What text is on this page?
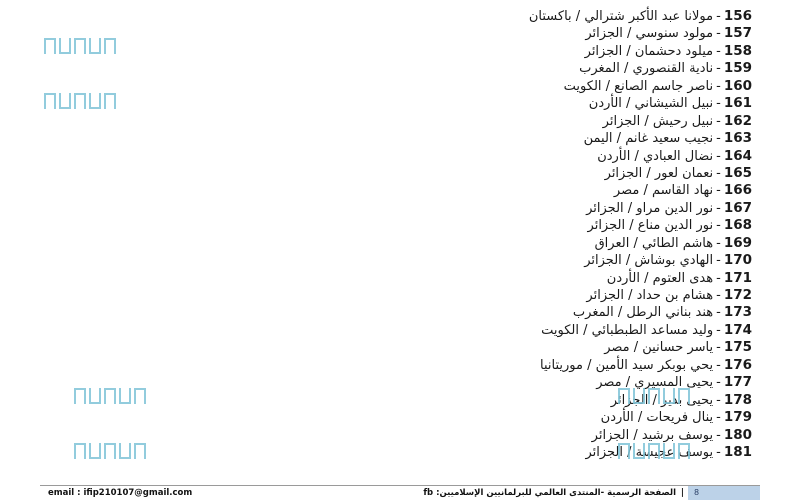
156
-
مولانا عبد الأكبر شترالي / باكستان
157
-
مولود سنوسي / الجزائر
158
-
ميلود دحشمان / الجزائر
159
-
نادية القنصوري / المغرب
160
-
ناصر جاسم الصانع / الكويت
161
-
نبيل الشيشاني / الأردن
162
-
نبيل رحيش / الجزائر
163
-
نجيب سعيد غانم / اليمن
164
-
نضال العبادي / الأردن
165
-
نعمان لعور / الجزائر
166
-
نهاد القاسم / مصر
167
-
نور الدين مراو / الجزائر
168
-
نور الدين مناع / الجزائر
169
-
هاشم الطائي / العراق
170
-
الهادي بوشاش / الجزائر
171
-
هدى العتوم / الأردن
172
-
هشام بن حداد / الجزائر
173
-
هند بناني الرطل / المغرب
174
-
وليد مساعد الطبطبائي / الكويت
175
-
ياسر حسانين / مصر
176
-
يحي بوبكر سيد الأمين / موريتانيا
177
-
يحيى المسيري / مصر
178
-
يحيى بدير / الجزائر
179
-
ينال فريحات / الأردن
180
-
يوسف برشيد / الجزائر
181
-
يوسف عجيسة / الجزائر
email : ifip210107@gmail.com	الصفحة الرسمية -المنتدى العالمي للبرلمانيين الإسلاميين: fb | 8
